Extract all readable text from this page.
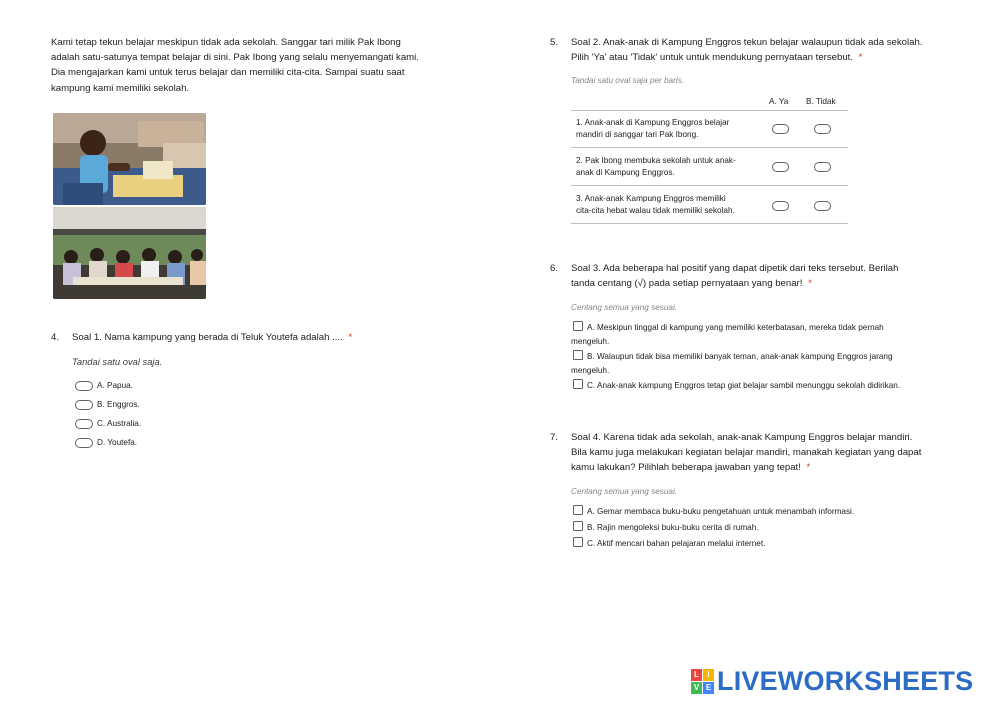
Kami tetap tekun belajar meskipun tidak ada sekolah. Sanggar tari milik Pak Ibong
adalah satu-satunya tempat belajar di sini. Pak Ibong yang selalu menyemangati kami.
Dia mengajarkan kami untuk terus belajar dan memiliki cita-cita. Sampai suatu saat
kampung kami memiliki sekolah.
4. Soal 1. Nama kampung yang berada di Teluk Youtefa adalah .... *
Tandai satu oval saja.
A. Papua.
B. Enggros.
C. Australia.
D. Youtefa.
5. Soal 2. Anak-anak di Kampung Enggros tekun belajar walaupun tidak ada sekolah.
Pilih 'Ya' atau 'Tidak' untuk untuk mendukung pernyataan tersebut. *
Tandai satu oval saja per baris.
A. Ya B. Tidak
1. Anak-anak di Kampung Enggros belajar
mandiri di sanggar tari Pak Ibong.
2. Pak Ibong membuka sekolah untuk anak-
anak di Kampung Enggros.
3. Anak-anak Kampung Enggros memiliki
cita-cita hebat walau tidak memiliki sekolah.
6. Soal 3. Ada beberapa hal positif yang dapat dipetik dari teks tersebut. Berilah
tanda centang (√) pada setiap pernyataan yang benar! *
Centang semua yang sesuai.
A. Meskipun tinggal di kampung yang memiliki keterbatasan, mereka tidak pernah
mengeluh.
B. Walaupun tidak bisa memiliki banyak teman, anak-anak kampung Enggros jarang
mengeluh.
C. Anak-anak kampung Enggros tetap giat belajar sambil menunggu sekolah didirikan.
7. Soal 4. Karena tidak ada sekolah, anak-anak Kampung Enggros belajar mandiri.
Bila kamu juga melakukan kegiatan belajar mandiri, manakah kegiatan yang dapat
kamu lakukan? Pilihlah beberapa jawaban yang tepat! *
Centang semua yang sesuai.
A. Gemar membaca buku-buku pengetahuan untuk menambah informasi.
B. Rajin mengoleksi buku-buku cerita di rumah.
C. Aktif mencari bahan pelajaran melalui internet.
L	I
V E LIVEWORKSHEETS
